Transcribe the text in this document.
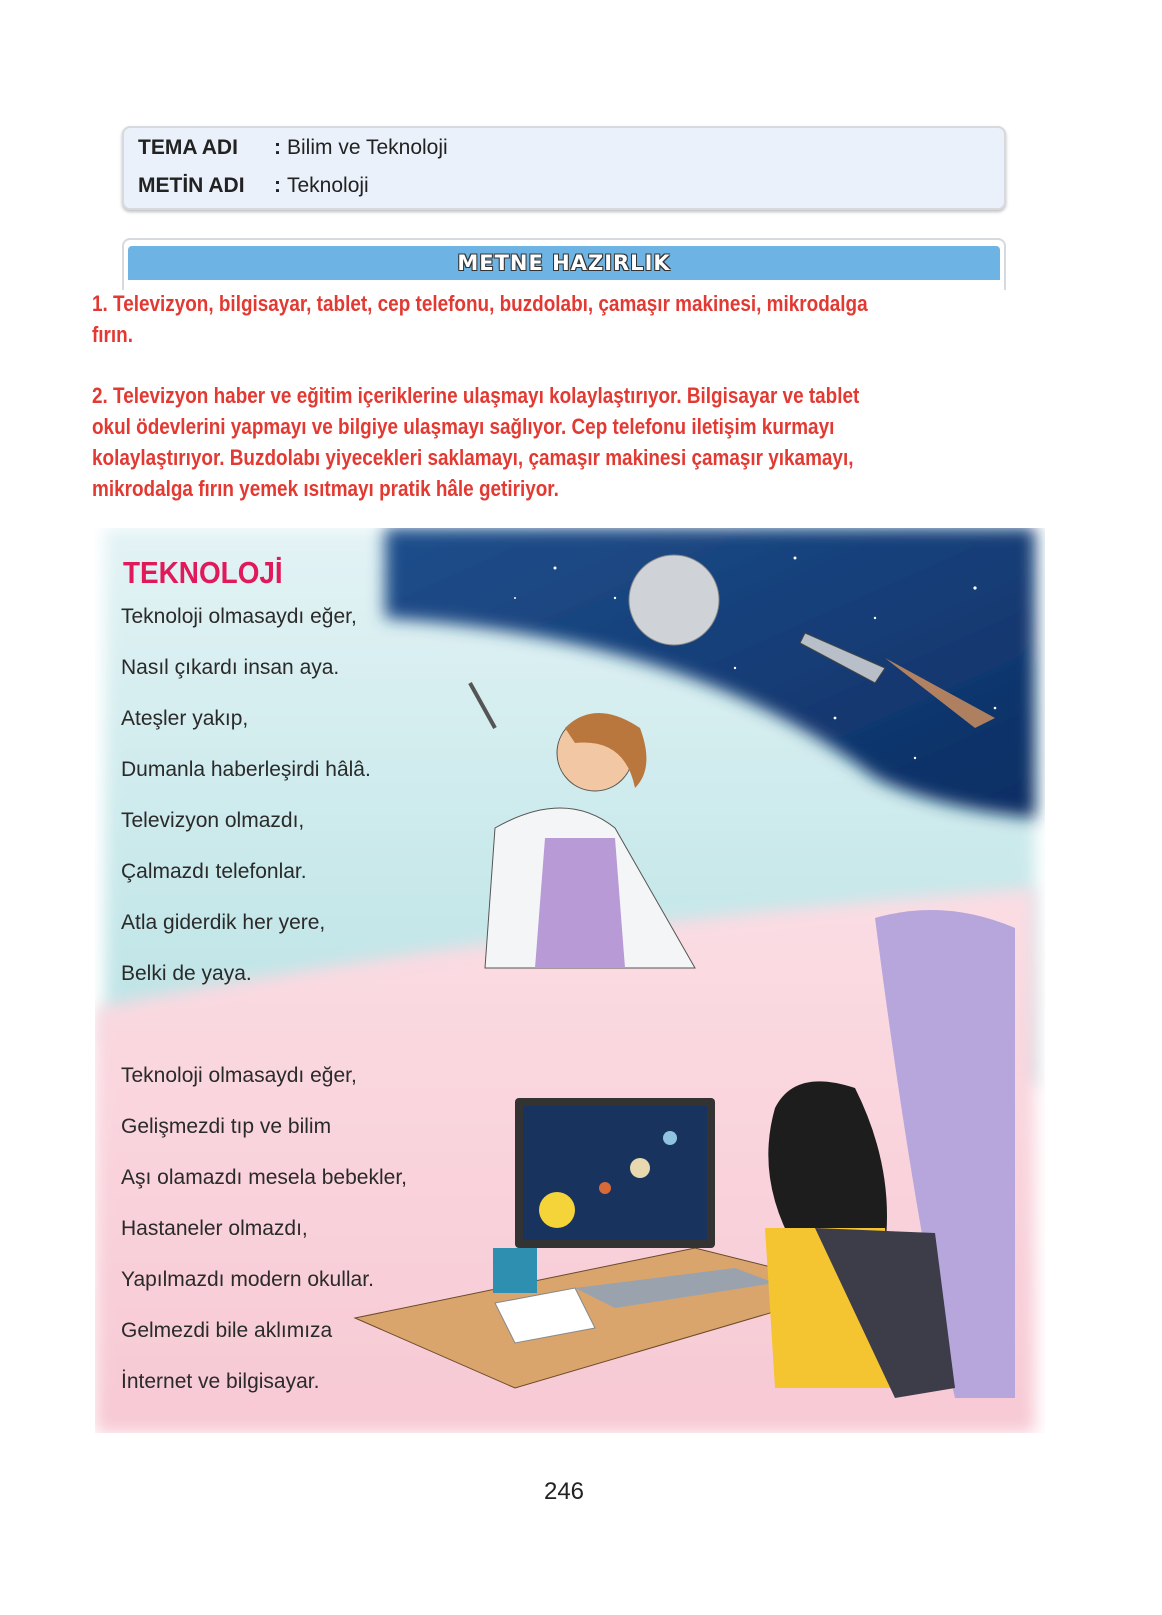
TEMA ADI : Bilim ve Teknoloji
METİN ADI : Teknoloji
METNE HAZIRLIK
1. Televizyon, bilgisayar, tablet, cep telefonu, buzdolabı, çamaşır makinesi, mikrodalga
fırın.
2. Televizyon haber ve eğitim içeriklerine ulaşmayı kolaylaştırıyor. Bilgisayar ve tablet
okul ödevlerini yapmayı ve bilgiye ulaşmayı sağlıyor. Cep telefonu iletişim kurmayı
kolaylaştırıyor. Buzdolabı yiyecekleri saklamayı, çamaşır makinesi çamaşır yıkamayı,
mikrodalga fırın yemek ısıtmayı pratik hâle getiriyor.
TEKNOLOJİ
Teknoloji olmasaydı eğer,
Nasıl çıkardı insan aya.
Ateşler yakıp,
Dumanla haberleşirdi hâlâ.
Televizyon olmazdı,
Çalmazdı telefonlar.
Atla giderdik her yere,
Belki de yaya.
Teknoloji olmasaydı eğer,
Gelişmezdi tıp ve bilim
Aşı olamazdı mesela bebekler,
Hastaneler olmazdı,
Yapılmazdı modern okullar.
Gelmezdi bile aklımıza
İnternet ve bilgisayar.
246
